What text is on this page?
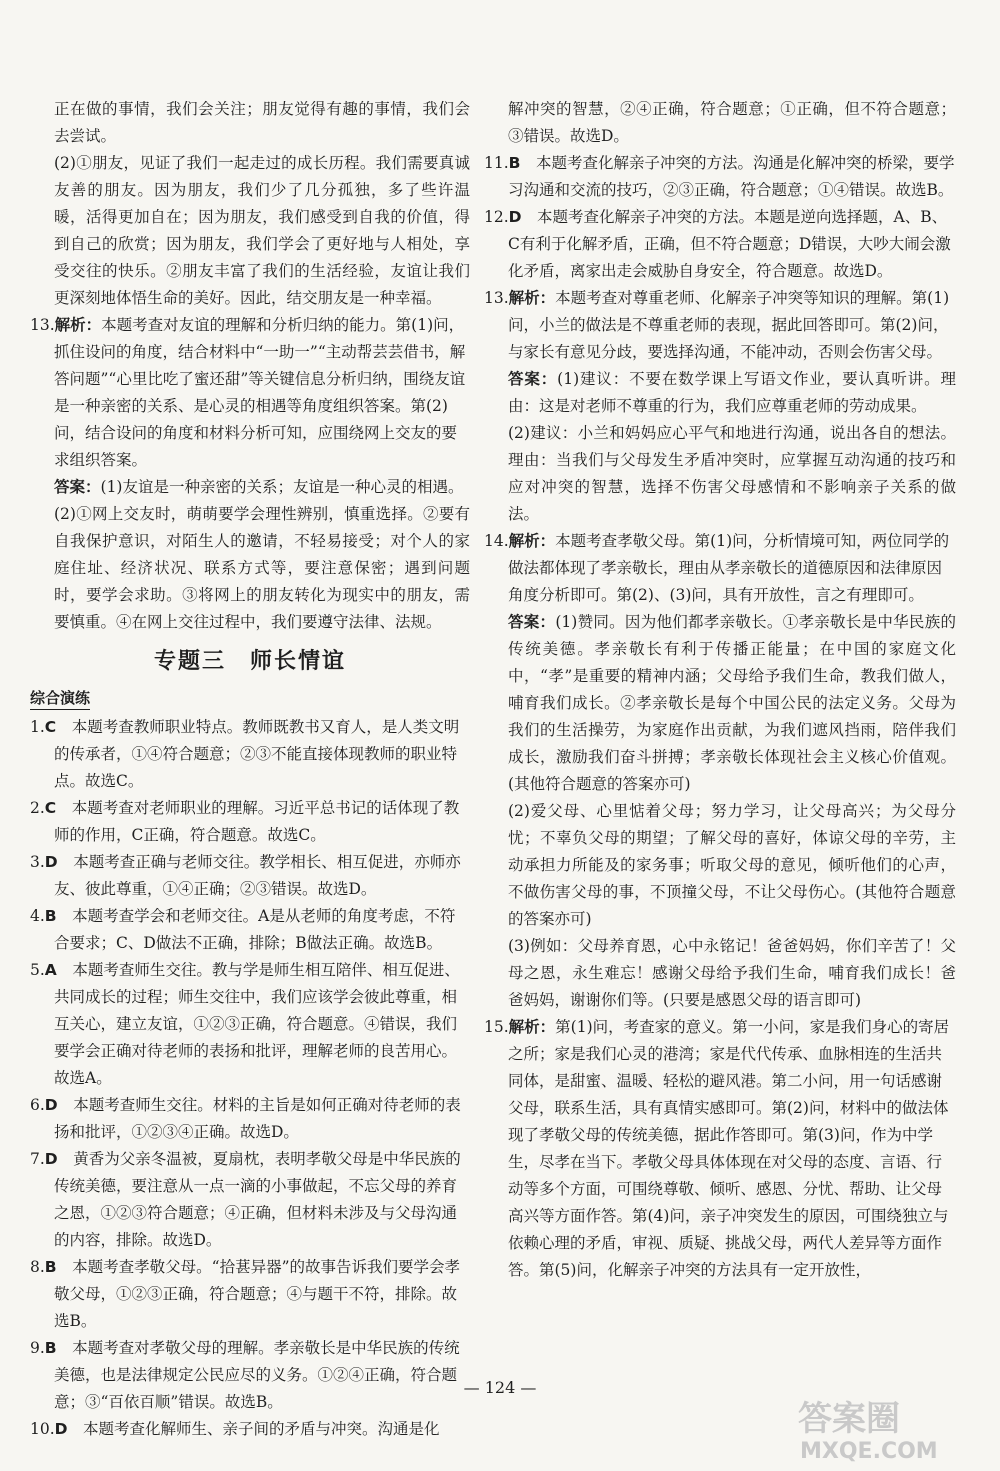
正在做的事情，我们会关注；朋友觉得有趣的事情，我们会去尝试。

(2)①朋友，见证了我们一起走过的成长历程。我们需要真诚友善的朋友。因为朋友，我们少了几分孤独，多了些许温暖，活得更加自在；因为朋友，我们感受到自我的价值，得到自己的欣赏；因为朋友，我们学会了更好地与人相处，享受交往的快乐。②朋友丰富了我们的生活经验，友谊让我们更深刻地体悟生命的美好。因此，结交朋友是一种幸福。

13.解析：本题考查对友谊的理解和分析归纳的能力。第(1)问，抓住设问的角度，结合材料中“一助一”“主动帮芸芸借书，解答问题”“心里比吃了蜜还甜”等关键信息分析归纳，围绕友谊是一种亲密的关系、是心灵的相遇等角度组织答案。第(2)问，结合设问的角度和材料分析可知，应围绕网上交友的要求组织答案。

答案：(1)友谊是一种亲密的关系；友谊是一种心灵的相遇。

(2)①网上交友时，萌萌要学会理性辨别，慎重选择。②要有自我保护意识，对陌生人的邀请，不轻易接受；对个人的家庭住址、经济状况、联系方式等，要注意保密；遇到问题时，要学会求助。③将网上的朋友转化为现实中的朋友，需要慎重。④在网上交往过程中，我们要遵守法律、法规。

专题三　师长情谊
综合演练
1.C　 本题考查教师职业特点。教师既教书又育人，是人类文明的传承者，①④符合题意；②③不能直接体现教师的职业特点。故选C。
2.C　 本题考查对老师职业的理解。习近平总书记的话体现了教师的作用，C正确，符合题意。故选C。
3.D　 本题考查正确与老师交往。教学相长、相互促进，亦师亦友、彼此尊重，①④正确；②③错误。故选D。
4.B　 本题考查学会和老师交往。A是从老师的角度考虑，不符合要求；C、D做法不正确，排除；B做法正确。故选B。
5.A　 本题考查师生交往。教与学是师生相互陪伴、相互促进、共同成长的过程；师生交往中，我们应该学会彼此尊重，相互关心，建立友谊，①②③正确，符合题意。④错误，我们要学会正确对待老师的表扬和批评，理解老师的良苦用心。故选A。
6.D　 本题考查师生交往。材料的主旨是如何正确对待老师的表扬和批评，①②③④正确。故选D。
7.D　 黄香为父亲冬温被，夏扇枕，表明孝敬父母是中华民族的传统美德，要注意从一点一滴的小事做起，不忘父母的养育之恩，①②③符合题意；④正确，但材料未涉及与父母沟通的内容，排除。故选D。
8.B　 本题考查孝敬父母。“拾葚异器”的故事告诉我们要学会孝敬父母，①②③正确，符合题意；④与题干不符，排除。故选B。
9.B　 本题考查对孝敬父母的理解。孝亲敬长是中华民族的传统美德，也是法律规定公民应尽的义务。①②④正确，符合题意；③“百依百顺”错误。故选B。
10.D　 本题考查化解师生、亲子间的矛盾与冲突。沟通是化

解冲突的智慧，②④正确，符合题意；①正确，但不符合题意；③错误。故选D。

11.B　 本题考查化解亲子冲突的方法。沟通是化解冲突的桥梁，要学习沟通和交流的技巧，②③正确，符合题意；①④错误。故选B。
12.D　 本题考查化解亲子冲突的方法。本题是逆向选择题，A、B、C有利于化解矛盾，正确，但不符合题意；D错误，大吵大闹会激化矛盾，离家出走会威胁自身安全，符合题意。故选D。
13.解析：本题考查对尊重老师、化解亲子冲突等知识的理解。第(1)问，小兰的做法是不尊重老师的表现，据此回答即可。第(2)问，与家长有意见分歧，要选择沟通，不能冲动，否则会伤害父母。

答案：(1)建议：不要在数学课上写语文作业，要认真听讲。理由：这是对老师不尊重的行为，我们应尊重老师的劳动成果。

(2)建议：小兰和妈妈应心平气和地进行沟通，说出各自的想法。理由：当我们与父母发生矛盾冲突时，应掌握互动沟通的技巧和应对冲突的智慧，选择不伤害父母感情和不影响亲子关系的做法。

14.解析：本题考查孝敬父母。第(1)问，分析情境可知，两位同学的做法都体现了孝亲敬长，理由从孝亲敬长的道德原因和法律原因角度分析即可。第(2)、(3)问，具有开放性，言之有理即可。

答案：(1)赞同。因为他们都孝亲敬长。①孝亲敬长是中华民族的传统美德。孝亲敬长有利于传播正能量；在中国的家庭文化中，“孝”是重要的精神内涵；父母给予我们生命，教我们做人，哺育我们成长。②孝亲敬长是每个中国公民的法定义务。父母为我们的生活操劳，为家庭作出贡献，为我们遮风挡雨，陪伴我们成长，激励我们奋斗拼搏；孝亲敬长体现社会主义核心价值观。(其他符合题意的答案亦可)

(2)爱父母、心里惦着父母；努力学习，让父母高兴；为父母分忧；不辜负父母的期望；了解父母的喜好，体谅父母的辛劳，主动承担力所能及的家务事；听取父母的意见，倾听他们的心声，不做伤害父母的事，不顶撞父母，不让父母伤心。(其他符合题意的答案亦可)

(3)例如：父母养育恩，心中永铭记！爸爸妈妈，你们辛苦了！父母之恩，永生难忘！感谢父母给予我们生命，哺育我们成长！爸爸妈妈，谢谢你们等。(只要是感恩父母的语言即可)

15.解析：第(1)问，考查家的意义。第一小问，家是我们身心的寄居之所；家是我们心灵的港湾；家是代代传承、血脉相连的生活共同体，是甜蜜、温暖、轻松的避风港。第二小问，用一句话感谢父母，联系生活，具有真情实感即可。第(2)问，材料中的做法体现了孝敬父母的传统美德，据此作答即可。第(3)问，作为中学生，尽孝在当下。孝敬父母具体体现在对父母的态度、言语、行动等多个方面，可围绕尊敬、倾听、感恩、分忧、帮助、让父母高兴等方面作答。第(4)问，亲子冲突发生的原因，可围绕独立与依赖心理的矛盾，审视、质疑、挑战父母，两代人差异等方面作答。第(5)问，化解亲子冲突的方法具有一定开放性，
— 124 —
答案圈
MXQE.COM
